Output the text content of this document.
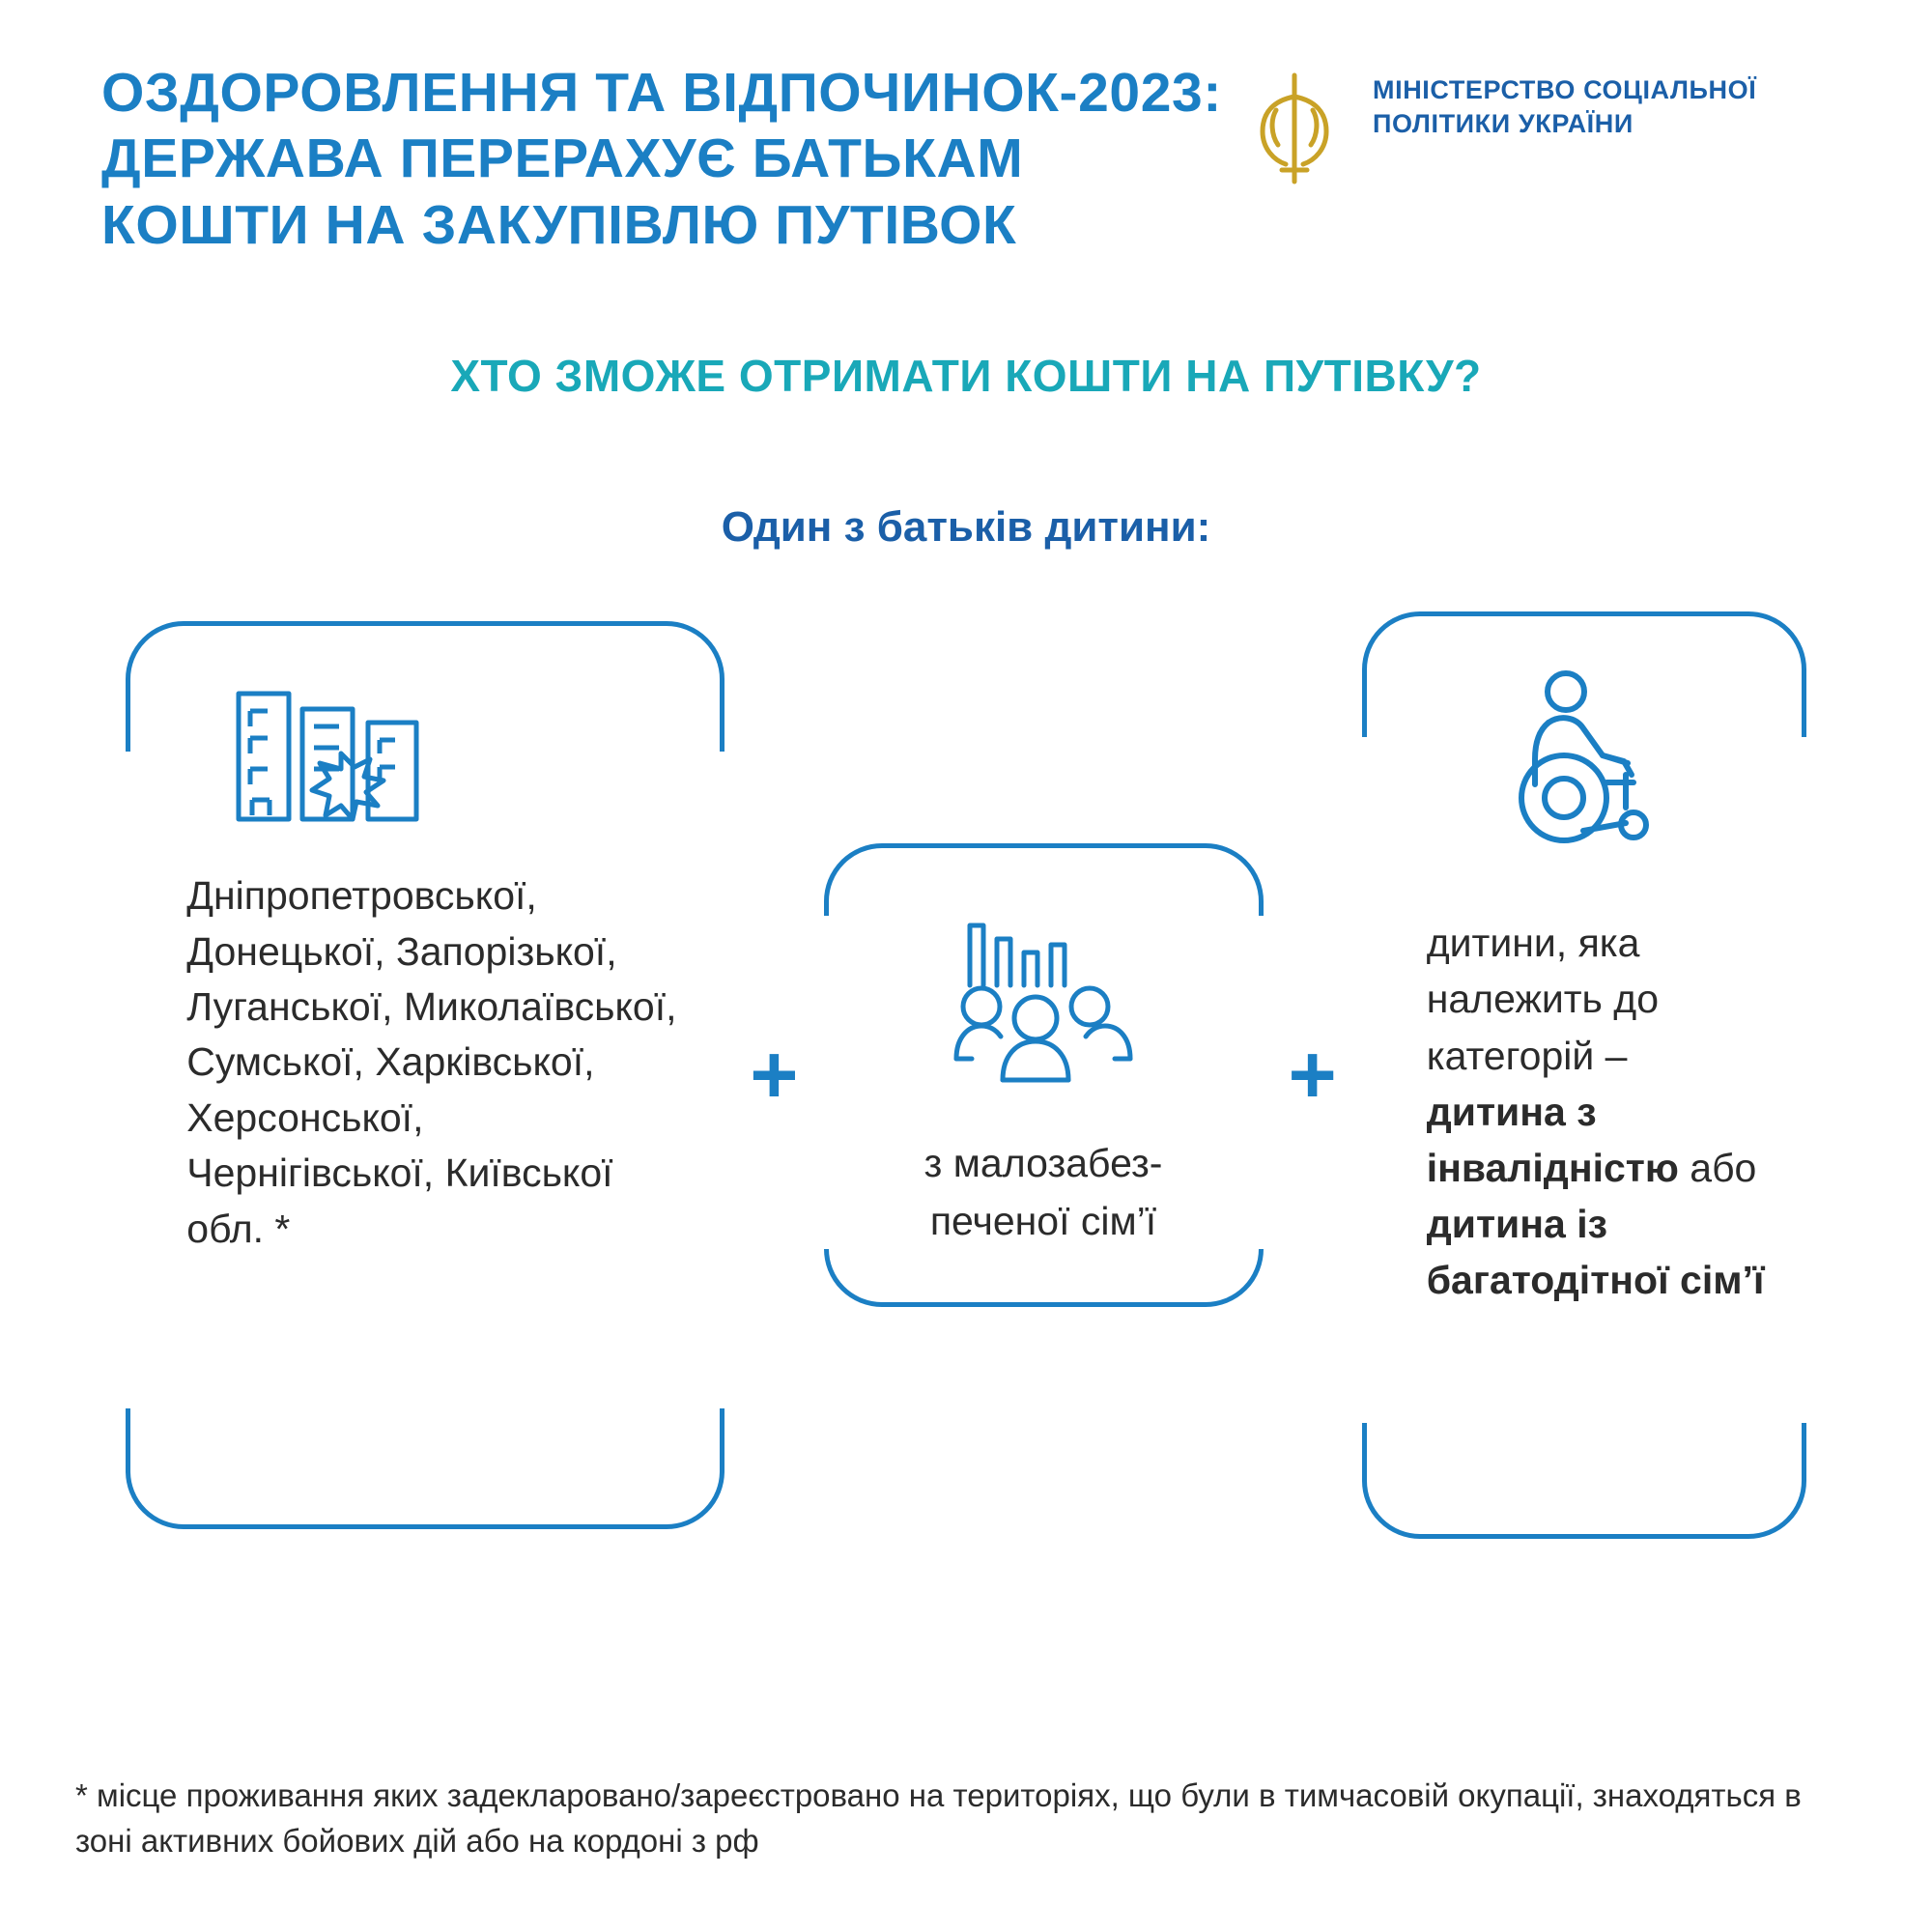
ОЗДОРОВЛЕННЯ ТА ВІДПОЧИНОК-2023: ДЕРЖАВА ПЕРЕРАХУЄ БАТЬКАМ КОШТИ НА ЗАКУПІВЛЮ ПУТІВОК
МІНІСТЕРСТВО СОЦІАЛЬНОЇ ПОЛІТИКИ УКРАЇНИ
ХТО ЗМОЖЕ ОТРИМАТИ КОШТИ НА ПУТІВКУ?
Один з батьків дитини:
Дніпропетровської, Донецької, Запорізької, Луганської, Миколаївської, Сумської, Харківської, Херсонської, Чернігівської, Київської обл. *
+
з малозабез-печеної сім’ї
+
дитини, яка належить до категорій – дитина з інвалідністю або дитина із багатодітної сім’ї
* місце проживання яких задекларовано/зареєстровано на територіях, що були в тимчасовій окупації, знаходяться в зоні активних бойових дій або на кордоні з рф
